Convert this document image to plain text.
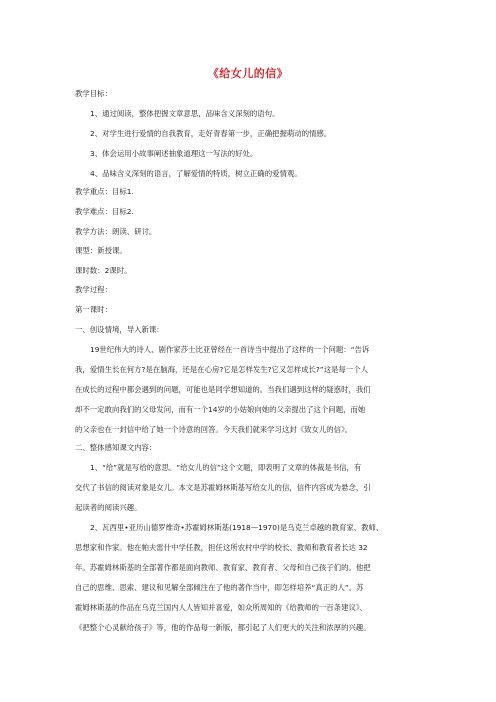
《给女儿的信》
教学目标：
1、通过阅读，整体把握文章意思，品味含义深刻的语句。
2、对学生进行爱情的自我教育，走好青春第一步，正确把握萌动的情感。
3、体会运用小故事阐述抽象道理这一写法的好处。
4、品味含义深刻的语言，了解爱情的特质，树立正确的爱情观。
教学重点：目标1.
教学难点：目标2.
教学方法：朗读、研讨。
课型：新授课。
课时数：2课时。
教学过程：
第一课时：
一、创设情境，导入新课：
19世纪伟大的诗人、剧作家莎士比亚曾经在一首诗当中提出了这样的一个问题：“告诉
我，爱情生长在何方?是在脑海，还是在心房?它是怎样发生?它又怎样成长?”这是每一个人
在成长的过程中都会遇到的问题，可能也是同学想知道的。当我们遇到这样的疑惑时，我们
却不一定敢向我们的父母发问，而有一个14岁的小姑娘向她的父亲提出了这个问题，而她
的父亲也在一封信中给了她一个诗意的回答。今天我们就来学习这封《致女儿的信》。
二、整体感知课文内容：
1、“给”就是写给的意思。“给女儿的信”这个文题，即表明了文章的体裁是书信，有
交代了书信的阅读对象是女儿。本文是苏霍姆林斯基写给女儿的信，信件内容成为悬念，引
起读者的阅读兴趣。
2、瓦西里•亚历山德罗维奇•苏霍姆林斯基(1918—1970)是乌克兰卓越的教育家、教师、
思想家和作家。他在帕夫雷什中学任教，担任这所农村中学的校长、教师和教育者长达 32
年。苏霍姆林斯基的全部著作都是面向教师、教育家、教育者、父母和自己孩子们的。他把
自己的思维、思索、建议和见解全部倾注在了他的著作当中，即怎样培养“真正的人”。苏
霍姆林斯基的作品在乌克兰国内人人皆知并喜爱，如众所周知的《给教师的一百条建议》、
《把整个心灵献给孩子》等，他的作品每一新版，都引起了人们更大的关注和浓厚的兴趣。
